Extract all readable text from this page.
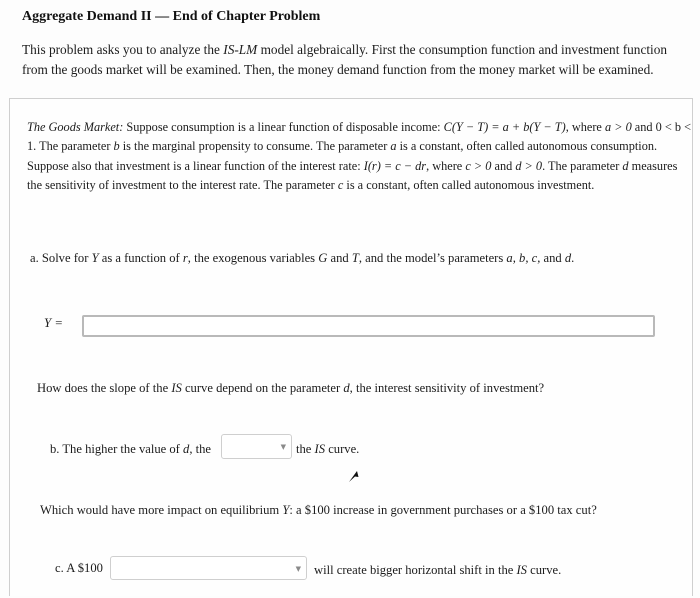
Aggregate Demand II — End of Chapter Problem
This problem asks you to analyze the IS-LM model algebraically. First the consumption function and investment function from the goods market will be examined. Then, the money demand function from the money market will be examined.
The Goods Market: Suppose consumption is a linear function of disposable income: C(Y − T) = a + b(Y − T), where a > 0 and 0 < b < 1. The parameter b is the marginal propensity to consume. The parameter a is a constant, often called autonomous consumption. Suppose also that investment is a linear function of the interest rate: I(r) = c − dr, where c > 0 and d > 0. The parameter d measures the sensitivity of investment to the interest rate. The parameter c is a constant, often called autonomous investment.
a. Solve for Y as a function of r, the exogenous variables G and T, and the model’s parameters a, b, c, and d.
Y =
How does the slope of the IS curve depend on the parameter d, the interest sensitivity of investment?
b. The higher the value of d, the	▼ the IS curve.
Which would have more impact on equilibrium Y: a $100 increase in government purchases or a $100 tax cut?
c. A $100	▼ will create bigger horizontal shift in the IS curve.
